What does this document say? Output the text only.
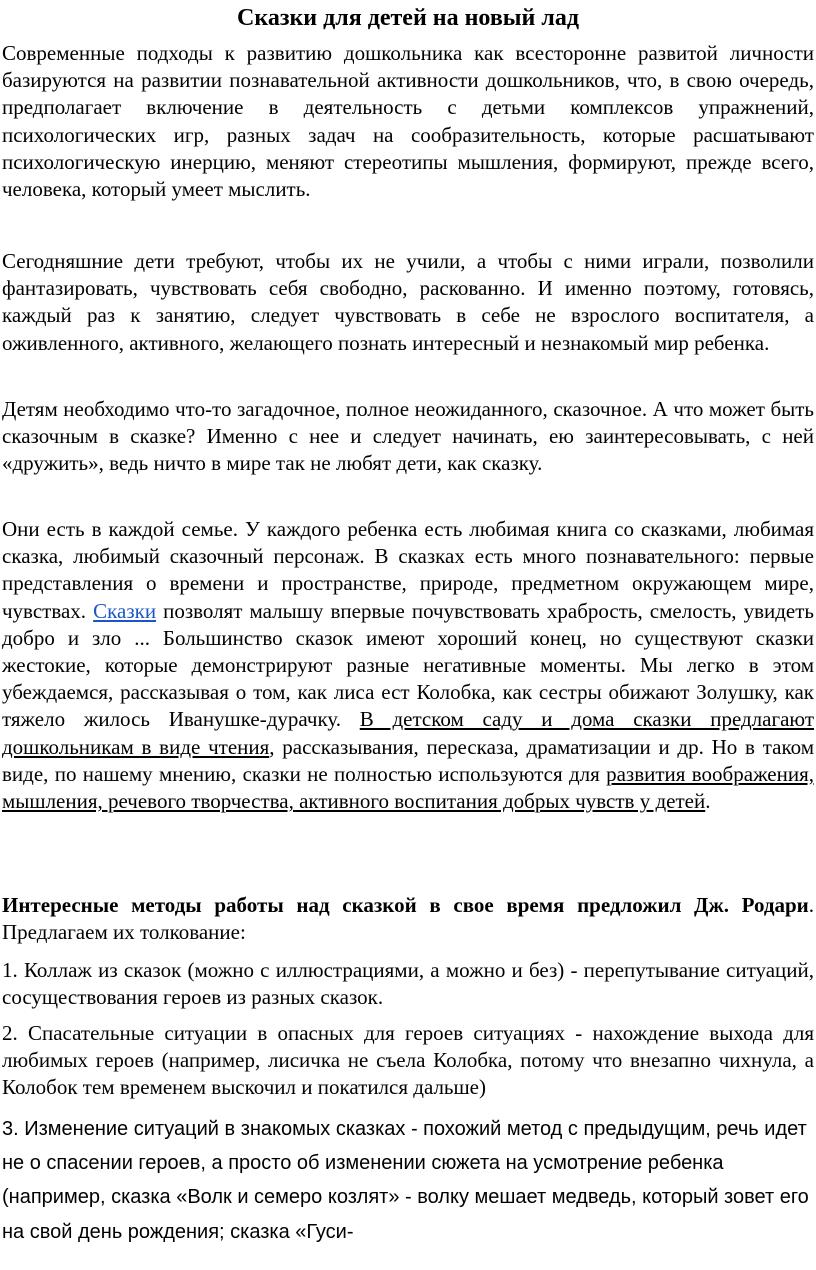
Сказки для детей на новый лад

Современные подходы к развитию дошкольника как всесторонне развитой личности базируются на развитии познавательной активности дошкольников, что, в свою очередь, предполагает включение в деятельность с детьми комплексов упражнений, психологических игр, разных задач на сообразительность, которые расшатывают психологическую инерцию, меняют стереотипы мышления, формируют, прежде всего, человека, который умеет мыслить.

Сегодняшние дети требуют, чтобы их не учили, а чтобы с ними играли, позволили фантазировать, чувствовать себя свободно, раскованно. И именно поэтому, готовясь, каждый раз к занятию, следует чувствовать в себе не взрослого воспитателя, а оживленного, активного, желающего познать интересный и незнакомый мир ребенка.

Детям необходимо что-то загадочное, полное неожиданного, сказочное. А что может быть сказочным в сказке? Именно с нее и следует начинать, ею заинтересовывать, с ней «дружить», ведь ничто в мире так не любят дети, как сказку.

Они есть в каждой семье. У каждого ребенка есть любимая книга со сказками, любимая сказка, любимый сказочный персонаж. В сказках есть много познавательного: первые представления о времени и пространстве, природе, предметном окружающем мире, чувствах. Сказки позволят малышу впервые почувствовать храбрость, смелость, увидеть добро и зло ... Большинство сказок имеют хороший конец, но существуют сказки жестокие, которые демонстрируют разные негативные моменты. Мы легко в этом убеждаемся, рассказывая о том, как лиса ест Колобка, как сестры обижают Золушку, как тяжело жилось Иванушке-дурачку. В детском саду и дома сказки предлагают дошкольникам в виде чтения, рассказывания, пересказа, драматизации и др. Но в таком виде, по нашему мнению, сказки не полностью используются для развития воображения, мышления, речевого творчества, активного воспитания добрых чувств у детей.

Интересные методы работы над сказкой в свое время предложил Дж. Родари. Предлагаем их толкование:

1. Коллаж из сказок (можно с иллюстрациями, а можно и без) - перепутывание ситуаций, сосуществования героев из разных сказок.

2. Спасательные ситуации в опасных для героев ситуациях - нахождение выхода для любимых героев (например, лисичка не съела Колобка, потому что внезапно чихнула, а Колобок тем временем выскочил и покатился дальше)

3. Изменение ситуаций в знакомых сказках - похожий метод с предыдущим, речь идет не о спасении героев, а просто об изменении сюжета на усмотрение ребенка (например, сказка «Волк и семеро козлят» - волку мешает медведь, который зовет его на свой день рождения; сказка «Гуси-
